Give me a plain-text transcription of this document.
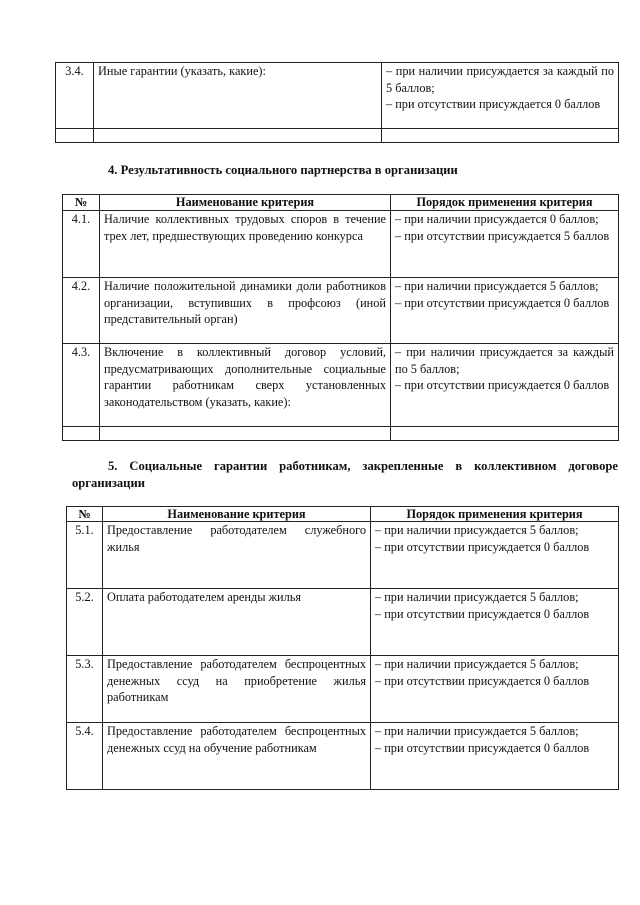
3.4.	Иные гарантии (указать, какие):	– при наличии присуждается за каждый по 5 баллов;
– при отсутствии присуждается 0 баллов

4. Результативность социального партнерства в организации
№	Наименование критерия	Порядок применения критерия
4.1.	Наличие коллективных трудовых споров в течение трех лет, предшествующих проведению конкурса	– при наличии присуждается 0 баллов;
– при отсутствии присуждается 5 баллов

4.2.	Наличие положительной динамики доли работников организации, вступивших в профсоюз (иной представительный орган)	– при наличии присуждается 5 баллов;
– при отсутствии присуждается 0 баллов

4.3.	Включение в коллективный договор условий, предусматривающих дополнительные социальные гарантии работникам сверх установленных законодательством (указать, какие):	– при наличии присуждается за каждый по 5 баллов;
– при отсутствии присуждается 0 баллов

5. Социальные гарантии работникам, закрепленные в коллективном договоре организации
№	Наименование критерия	Порядок применения критерия
5.1.	Предоставление работодателем служебного жилья	– при наличии присуждается 5 баллов;
– при отсутствии присуждается 0 баллов

5.2.	Оплата работодателем аренды жилья	– при наличии присуждается 5 баллов;
– при отсутствии присуждается 0 баллов

5.3.	Предоставление работодателем беспроцентных денежных ссуд на приобретение жилья работникам	– при наличии присуждается 5 баллов;
– при отсутствии присуждается 0 баллов

5.4.	Предоставление работодателем беспроцентных денежных ссуд на обучение работникам	– при наличии присуждается 5 баллов;
– при отсутствии присуждается 0 баллов
